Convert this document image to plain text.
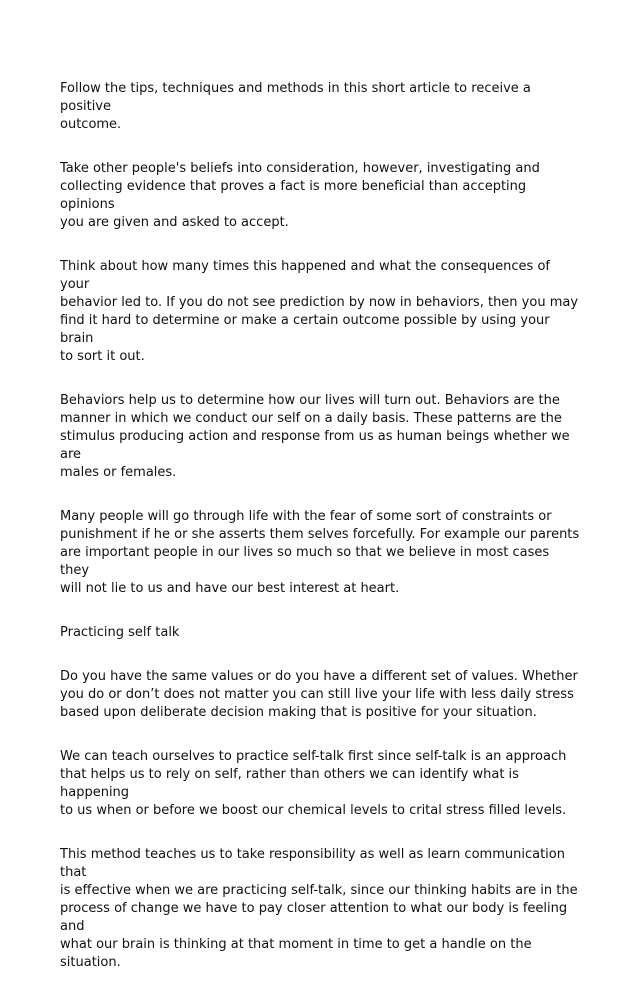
Follow the tips, techniques and methods in this short article to receive a positive
outcome.

Take other people's beliefs into consideration, however, investigating and
collecting evidence that proves a fact is more beneficial than accepting opinions
you are given and asked to accept.

Think about how many times this happened and what the consequences of your
behavior led to. If you do not see prediction by now in behaviors, then you may
find it hard to determine or make a certain outcome possible by using your brain
to sort it out.

Behaviors help us to determine how our lives will turn out. Behaviors are the
manner in which we conduct our self on a daily basis. These patterns are the
stimulus producing action and response from us as human beings whether we are
males or females.

Many people will go through life with the fear of some sort of constraints or
punishment if he or she asserts them selves forcefully. For example our parents
are important people in our lives so much so that we believe in most cases they
will not lie to us and have our best interest at heart.

Practicing self talk

Do you have the same values or do you have a different set of values. Whether
you do or don’t does not matter you can still live your life with less daily stress
based upon deliberate decision making that is positive for your situation.

We can teach ourselves to practice self-talk first since self-talk is an approach
that helps us to rely on self, rather than others we can identify what is happening
to us when or before we boost our chemical levels to crital stress filled levels.

This method teaches us to take responsibility as well as learn communication that
is effective when we are practicing self-talk, since our thinking habits are in the
process of change we have to pay closer attention to what our body is feeling and
what our brain is thinking at that moment in time to get a handle on the
situation.
